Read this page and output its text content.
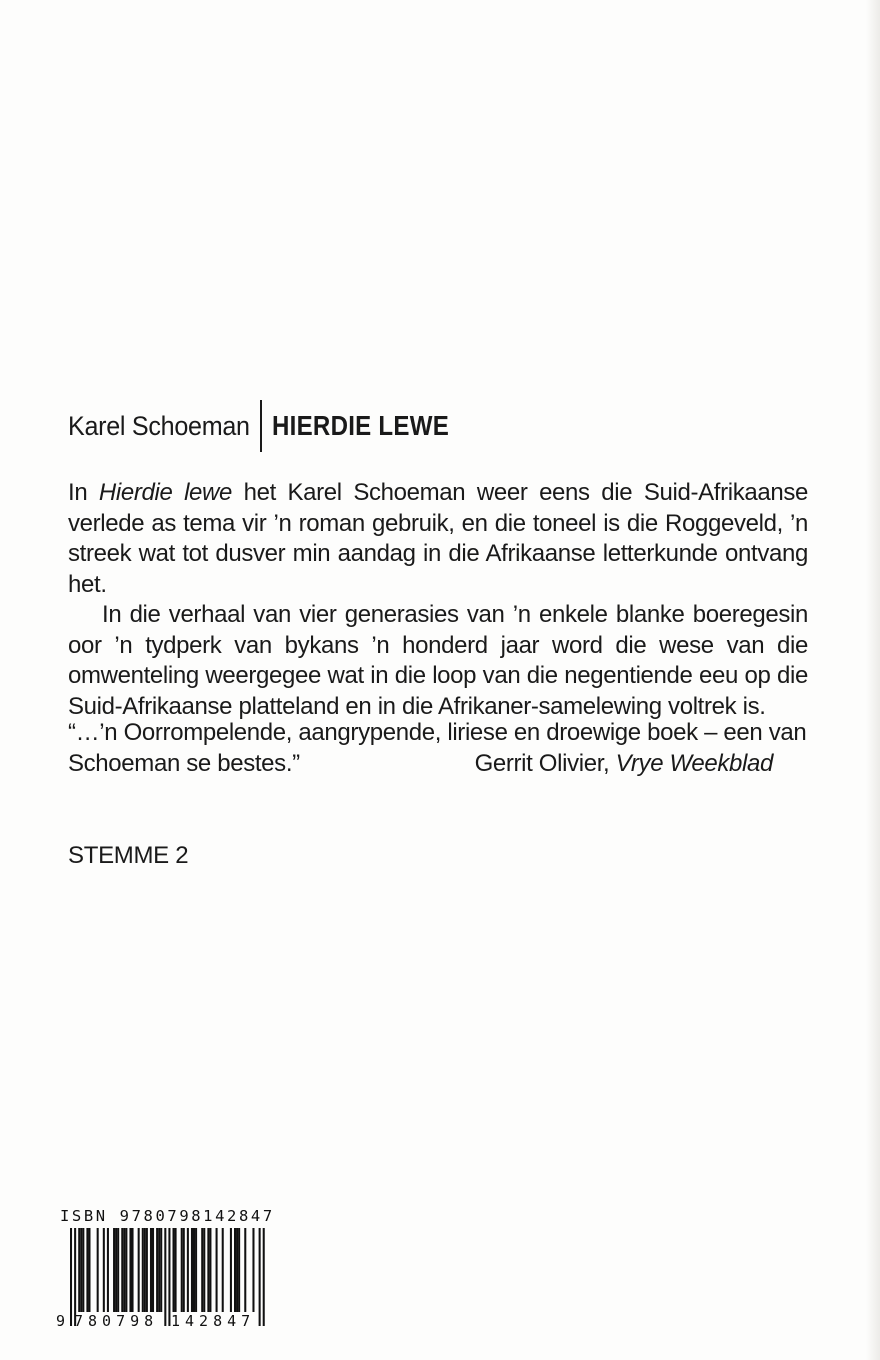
Karel Schoeman HIERDIE LEWE

In Hierdie lewe het Karel Schoeman weer eens die Suid-Afrikaanse verlede as tema vir ’n roman gebruik, en die toneel is die Roggeveld, ’n streek wat tot dusver min aandag in die Afrikaanse letterkunde ontvang het.

In die verhaal van vier generasies van ’n enkele blanke boeregesin oor ’n tydperk van bykans ’n honderd jaar word die wese van die omwenteling weergegee wat in die loop van die negentiende eeu op die Suid-Afrikaanse platteland en in die Afrikaner-samelewing voltrek is.

“…’n Oorrompelende, aangrypende, liriese en droewige boek – een van
Schoeman se bestes.”	Gerrit Olivier, Vrye Weekblad
STEMME 2
ISBN 9780798142847
9 780798 142847
